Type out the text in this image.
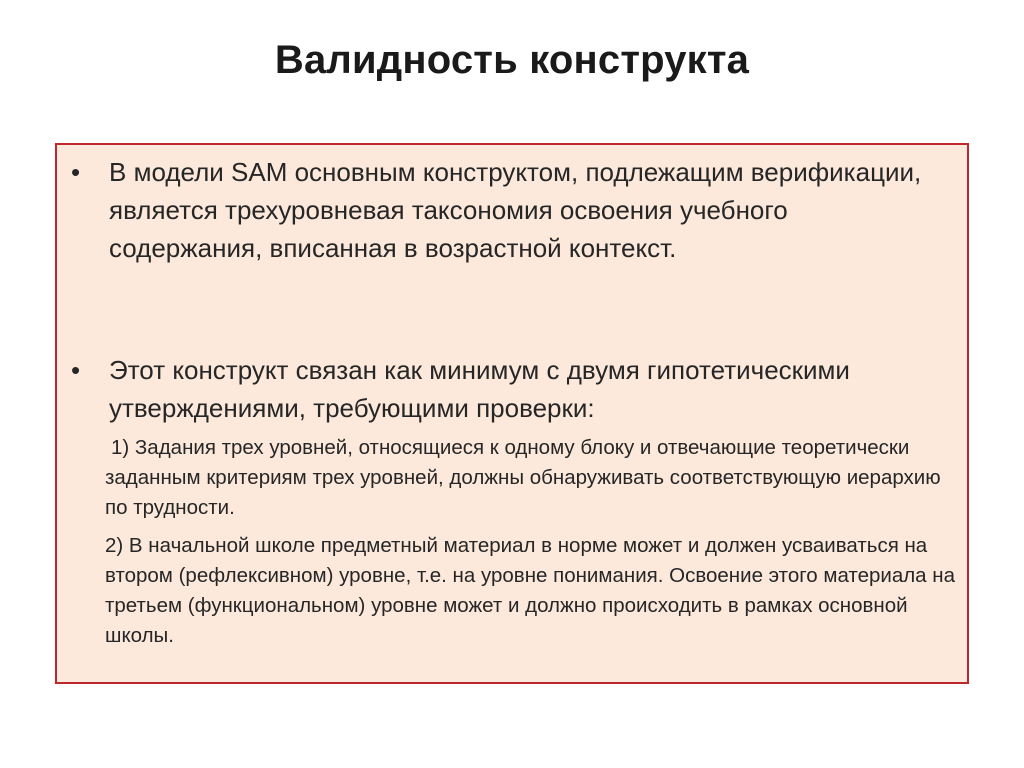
Валидность конструкта
•	В модели SAM основным конструктом, подлежащим верификации, является трехуровневая таксономия освоения учебного содержания, вписанная в возрастной контекст.
•	Этот конструкт связан как минимум с двумя гипотетическими утверждениями, требующими проверки:
1) Задания трех уровней, относящиеся к одному блоку и отвечающие теоретически заданным критериям трех уровней, должны обнаруживать соответствующую иерархию по трудности.
2) В начальной школе предметный материал в норме может и должен усваиваться на втором (рефлексивном) уровне, т.е. на уровне понимания. Освоение этого материала на третьем (функциональном) уровне может и должно происходить в рамках основной школы.
